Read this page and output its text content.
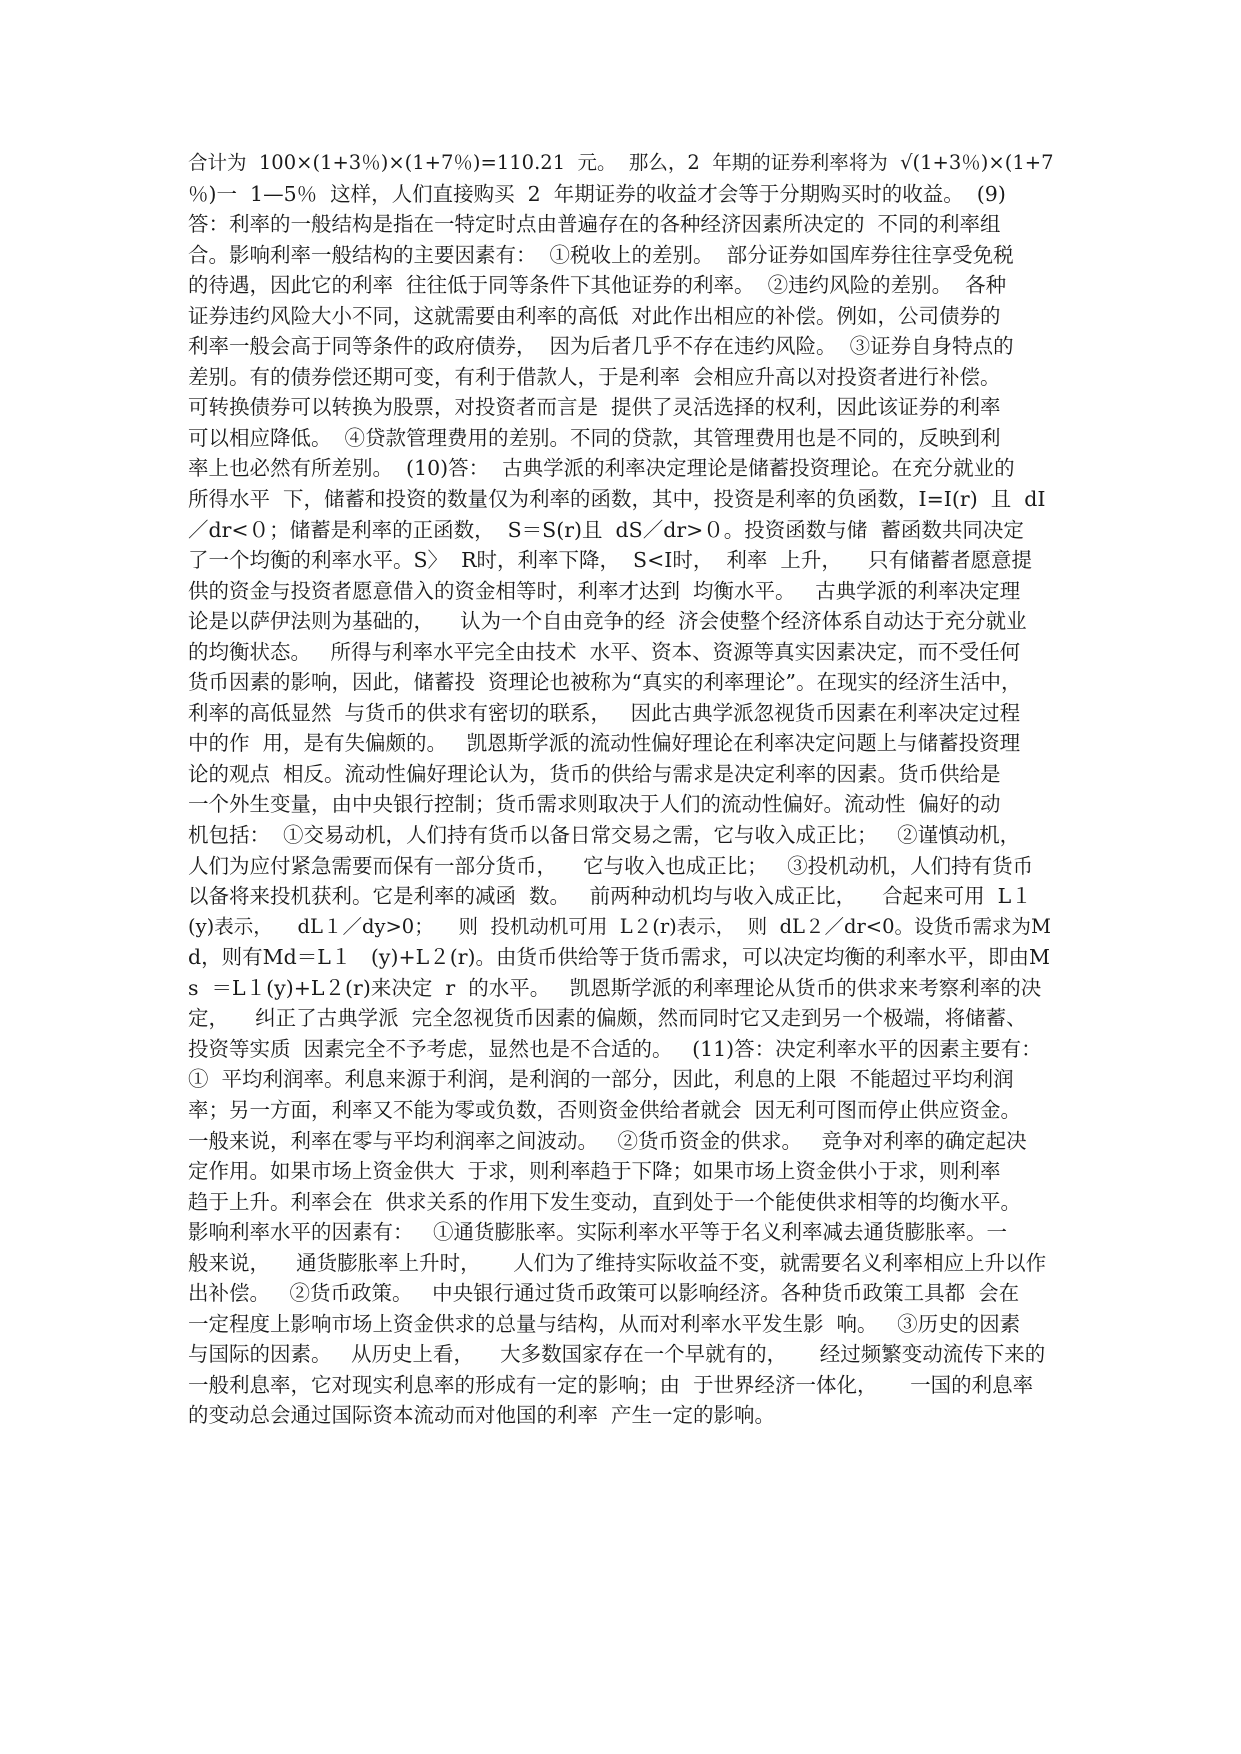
合计为  100×(1+3％)×(1+7％)=110.21  元。  那么，2  年期的证券利率将为  √(1+3％)×(1+7
％)一  1—5％  这样，人们直接购买  2  年期证券的收益才会等于分期购买时的收益。  (9)
答：利率的一般结构是指在一特定时点由普遍存在的各种经济因素所决定的  不同的利率组
合。影响利率一般结构的主要因素有：  ①税收上的差别。  部分证券如国库券往往享受免税
的待遇，因此它的利率  往往低于同等条件下其他证券的利率。  ②违约风险的差别。  各种
证券违约风险大小不同，这就需要由利率的高低  对此作出相应的补偿。例如，公司债券的
利率一般会高于同等条件的政府债券，  因为后者几乎不存在违约风险。  ③证券自身特点的
差别。有的债券偿还期可变，有利于借款人，于是利率  会相应升高以对投资者进行补偿。
可转换债券可以转换为股票，对投资者而言是  提供了灵活选择的权利，因此该证券的利率
可以相应降低。  ④贷款管理费用的差别。不同的贷款，其管理费用也是不同的，反映到利
率上也必然有所差别。  (10)答：  古典学派的利率决定理论是储蓄投资理论。在充分就业的
所得水平  下，储蓄和投资的数量仅为利率的函数，其中，投资是利率的负函数，I=I(r)  且  dI
／dr<０；储蓄是利率的正函数，  S＝S(r)且  dS／dr>０。投资函数与储  蓄函数共同决定
了一个均衡的利率水平。S〉  R时，利率下降，  S<I时，  利率  上升，    只有储蓄者愿意提
供的资金与投资者愿意借入的资金相等时，利率才达到  均衡水平。   古典学派的利率决定理
论是以萨伊法则为基础的，    认为一个自由竞争的经  济会使整个经济体系自动达于充分就业
的均衡状态。   所得与利率水平完全由技术  水平、资本、资源等真实因素决定，而不受任何
货币因素的影响，因此，储蓄投  资理论也被称为“真实的利率理论”。在现实的经济生活中，
利率的高低显然  与货币的供求有密切的联系，   因此古典学派忽视货币因素在利率决定过程
中的作  用，是有失偏颇的。   凯恩斯学派的流动性偏好理论在利率决定问题上与储蓄投资理
论的观点  相反。流动性偏好理论认为，货币的供给与需求是决定利率的因素。货币供给是
一个外生变量，由中央银行控制；货币需求则取决于人们的流动性偏好。流动性  偏好的动
机包括：  ①交易动机，人们持有货币以备日常交易之需，它与收入成正比；   ②谨慎动机，
人们为应付紧急需要而保有一部分货币，    它与收入也成正比；   ③投机动机，人们持有货币
以备将来投机获利。它是利率的减函  数。   前两种动机均与收入成正比，    合起来可用  L１
(y)表示，    dL１／dy>0；    则  投机动机可用  L２(r)表示，  则  dL２／dr<0。设货币需求为M
d，则有Md＝L１   (y)+L２(r)。由货币供给等于货币需求，可以决定均衡的利率水平，即由M
s  ＝L１(y)+L２(r)来决定  r  的水平。   凯恩斯学派的利率理论从货币的供求来考察利率的决
定，    纠正了古典学派  完全忽视货币因素的偏颇，然而同时它又走到另一个极端，将储蓄、
投资等实质  因素完全不予考虑，显然也是不合适的。   (11)答：决定利率水平的因素主要有：
①  平均利润率。利息来源于利润，是利润的一部分，因此，利息的上限  不能超过平均利润
率；另一方面，利率又不能为零或负数，否则资金供给者就会  因无利可图而停止供应资金。
一般来说，利率在零与平均利润率之间波动。   ②货币资金的供求。   竞争对利率的确定起决
定作用。如果市场上资金供大  于求，则利率趋于下降；如果市场上资金供小于求，则利率
趋于上升。利率会在  供求关系的作用下发生变动，直到处于一个能使供求相等的均衡水平。
影响利率水平的因素有：   ①通货膨胀率。实际利率水平等于名义利率减去通货膨胀率。一
般来说，    通货膨胀率上升时，     人们为了维持实际收益不变，就需要名义利率相应上升以作
出补偿。   ②货币政策。   中央银行通过货币政策可以影响经济。各种货币政策工具都  会在
一定程度上影响市场上资金供求的总量与结构，从而对利率水平发生影  响。   ③历史的因素
与国际的因素。   从历史上看，    大多数国家存在一个早就有的，     经过频繁变动流传下来的
一般利息率，它对现实利息率的形成有一定的影响；由  于世界经济一体化，     一国的利息率
的变动总会通过国际资本流动而对他国的利率  产生一定的影响。
